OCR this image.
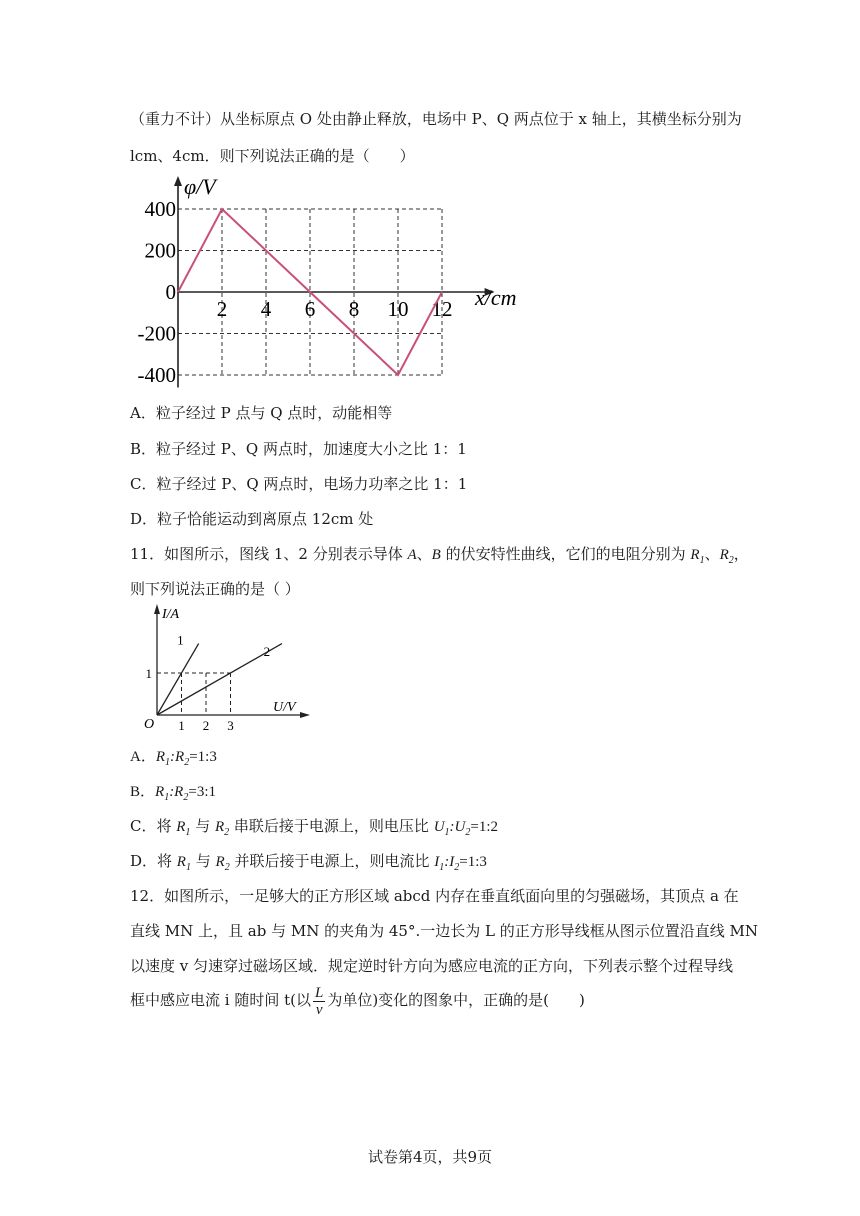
（重力不计）从坐标原点 O 处由静止释放，电场中 P、Q 两点位于 x 轴上，其横坐标分别为
lcm、4cm．则下列说法正确的是（　　）
2 4 6 8 10 12
400
200
0
-200
-400
φ/V
x/cm
A．粒子经过 P 点与 Q 点时，动能相等
B．粒子经过 P、Q 两点时，加速度大小之比 1：1
C．粒子经过 P、Q 两点时，电场力功率之比 1：1
D．粒子恰能运动到离原点 12cm 处
11．如图所示，图线 1、2 分别表示导体 A、B 的伏安特性曲线，它们的电阻分别为 $R_1$、$R_2$，
则下列说法正确的是（ ）
1
2
1 2 3
1
I/A
U/V
O
A．$R_1:R_2=1:3$
B．$R_1:R_2=3:1$
C．将 $R_1$ 与 $R_2$ 串联后接于电源上，则电压比 $U_1:U_2=1:2$
D．将 $R_1$ 与 $R_2$ 并联后接于电源上，则电流比 $I_1:I_2=1:3$
12．如图所示，一足够大的正方形区域 abcd 内存在垂直纸面向里的匀强磁场，其顶点 a 在
直线 MN 上，且 ab 与 MN 的夹角为 45°.一边长为 L 的正方形导线框从图示位置沿直线 MN
以速度 v 匀速穿过磁场区域．规定逆时针方向为感应电流的正方向，下列表示整个过程导线
框中感应电流 i 随时间 t(以 $\frac{L}{v}$ 为单位)变化的图象中，正确的是(　　)
试卷第4页，共9页
